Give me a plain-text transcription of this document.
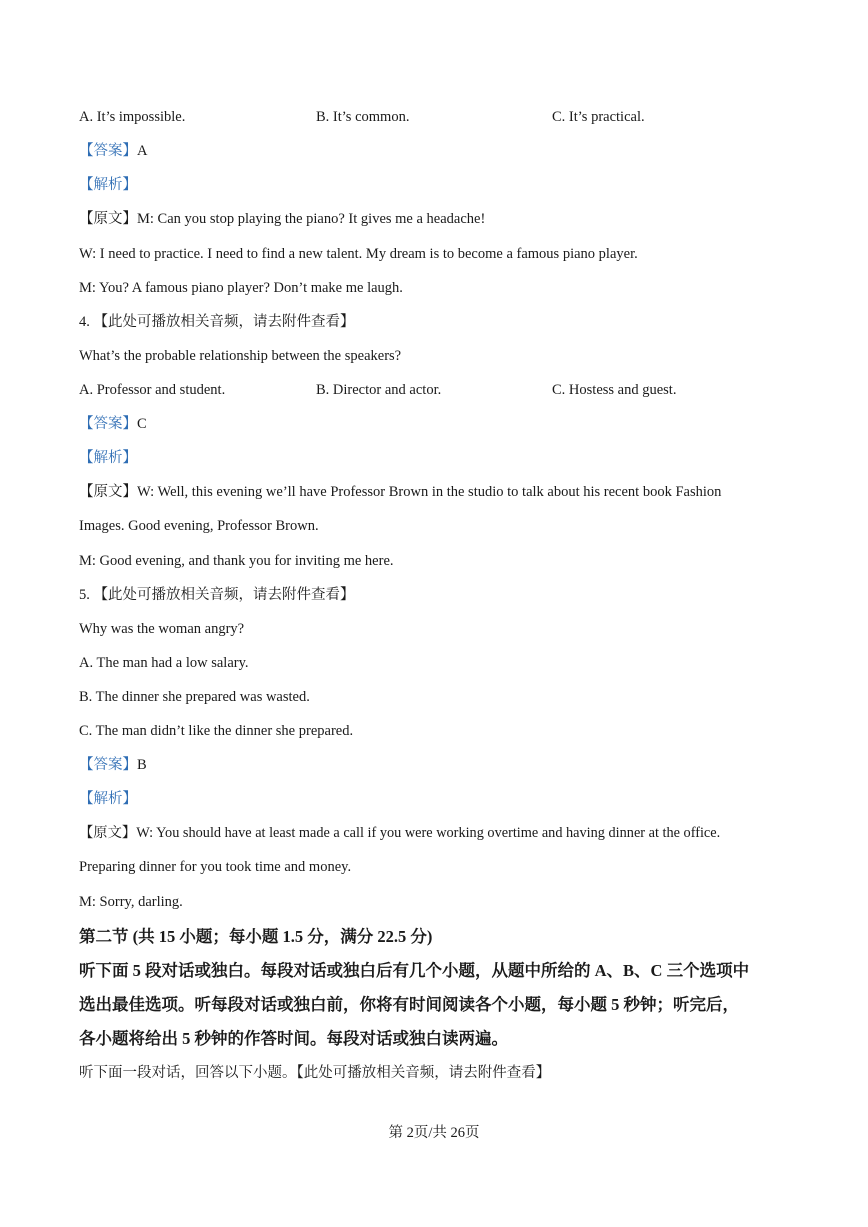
A. It’s impossible.	B. It’s common.	C. It’s practical.
【答案】A
【解析】
【原文】M: Can you stop playing the piano? It gives me a headache!
W: I need to practice. I need to find a new talent. My dream is to become a famous piano player.
M: You? A famous piano player? Don’t make me laugh.
4. 【此处可播放相关音频，请去附件查看】
What’s the probable relationship between the speakers?
A. Professor and student.	B. Director and actor.	C. Hostess and guest.
【答案】C
【解析】
【原文】W: Well, this evening we’ll have Professor Brown in the studio to talk about his recent book Fashion
Images. Good evening, Professor Brown.
M: Good evening, and thank you for inviting me here.
5. 【此处可播放相关音频，请去附件查看】
Why was the woman angry?
A. The man had a low salary.
B. The dinner she prepared was wasted.
C. The man didn’t like the dinner she prepared.
【答案】B
【解析】
【原文】W: You should have at least made a call if you were working overtime and having dinner at the office.
Preparing dinner for you took time and money.
M: Sorry, darling.
第二节 (共 15 小题；每小题 1.5 分，满分 22.5 分)
听下面 5 段对话或独白。每段对话或独白后有几个小题，从题中所给的 A、B、C 三个选项中
选出最佳选项。听每段对话或独白前，你将有时间阅读各个小题，每小题 5 秒钟；听完后，
各小题将给出 5 秒钟的作答时间。每段对话或独白读两遍。
听下面一段对话，回答以下小题。【此处可播放相关音频，请去附件查看】
第 2页/共 26页
